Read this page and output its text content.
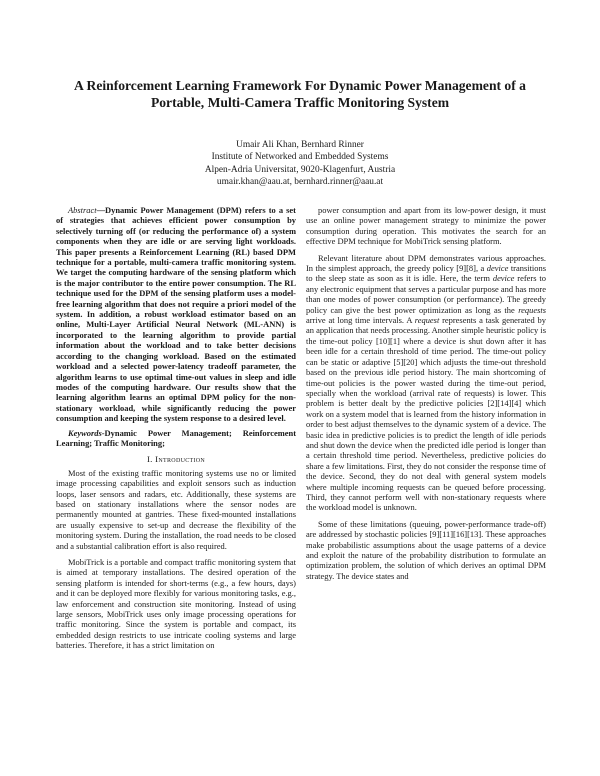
A Reinforcement Learning Framework For Dynamic Power Management of a Portable, Multi-Camera Traffic Monitoring System
Umair Ali Khan, Bernhard Rinner
Institute of Networked and Embedded Systems
Alpen-Adria Universitat, 9020-Klagenfurt, Austria
umair.khan@aau.at, bernhard.rinner@aau.at

Abstract—Dynamic Power Management (DPM) refers to a set of strategies that achieves efficient power consumption by selectively turning off (or reducing the performance of) a system components when they are idle or are serving light workloads. This paper presents a Reinforcement Learning (RL) based DPM technique for a portable, multi-camera traffic monitoring system. We target the computing hardware of the sensing platform which is the major contributor to the entire power consumption. The RL technique used for the DPM of the sensing platform uses a model-free learning algorithm that does not require a priori model of the system. In addition, a robust workload estimator based on an online, Multi-Layer Artificial Neural Network (ML-ANN) is incorporated to the learning algorithm to provide partial information about the workload and to take better decisions according to the changing workload. Based on the estimated workload and a selected power-latency tradeoff parameter, the algorithm learns to use optimal time-out values in sleep and idle modes of the computing hardware. Our results show that the learning algorithm learns an optimal DPM policy for the non-stationary workload, while significantly reducing the power consumption and keeping the system response to a desired level.

Keywords-Dynamic Power Management; Reinforcement Learning; Traffic Monitoring;

I. Introduction

Most of the existing traffic monitoring systems use no or limited image processing capabilities and exploit sensors such as induction loops, laser sensors and radars, etc. Additionally, these systems are based on stationary installations where the sensor nodes are permanently mounted at gantries. These fixed-mounted installations are usually expensive to set-up and decrease the flexibility of the monitoring system. During the installation, the road needs to be closed and a substantial calibration effort is also required.

MobiTrick is a portable and compact traffic monitoring system that is aimed at temporary installations. The desired operation of the sensing platform is intended for short-terms (e.g., a few hours, days) and it can be deployed more flexibly for various monitoring tasks, e.g., law enforcement and construction site monitoring. Instead of using large sensors, MobiTrick uses only image processing operations for traffic monitoring. Since the system is portable and compact, its embedded design restricts to use intricate cooling systems and large batteries. Therefore, it has a strict limitation on

power consumption and apart from its low-power design, it must use an online power management strategy to minimize the power consumption during operation. This motivates the search for an effective DPM technique for MobiTrick sensing platform.

Relevant literature about DPM demonstrates various approaches. In the simplest approach, the greedy policy [9][8], a device transitions to the sleep state as soon as it is idle. Here, the term device refers to any electronic equipment that serves a particular purpose and has more than one modes of power consumption (or performance). The greedy policy can give the best power optimization as long as the requests arrive at long time intervals. A request represents a task generated by an application that needs processing. Another simple heuristic policy is the time-out policy [10][1] where a device is shut down after it has been idle for a certain threshold of time period. The time-out policy can be static or adaptive [5][20] which adjusts the time-out threshold based on the previous idle period history. The main shortcoming of time-out policies is the power wasted during the time-out period, specially when the workload (arrival rate of requests) is lower. This problem is better dealt by the predictive policies [2][14][4] which work on a system model that is learned from the history information in order to best adjust themselves to the dynamic system of a device. The basic idea in predictive policies is to predict the length of idle periods and shut down the device when the predicted idle period is longer than a certain threshold time period. Nevertheless, predictive policies do share a few limitations. First, they do not consider the response time of the device. Second, they do not deal with general system models where multiple incoming requests can be queued before processing. Third, they cannot perform well with non-stationary requests where the workload model is unknown.

Some of these limitations (queuing, power-performance trade-off) are addressed by stochastic policies [9][11][16][13]. These approaches make probabilistic assumptions about the usage patterns of a device and exploit the nature of the probability distribution to formulate an optimization problem, the solution of which derives an optimal DPM strategy. The device states and
